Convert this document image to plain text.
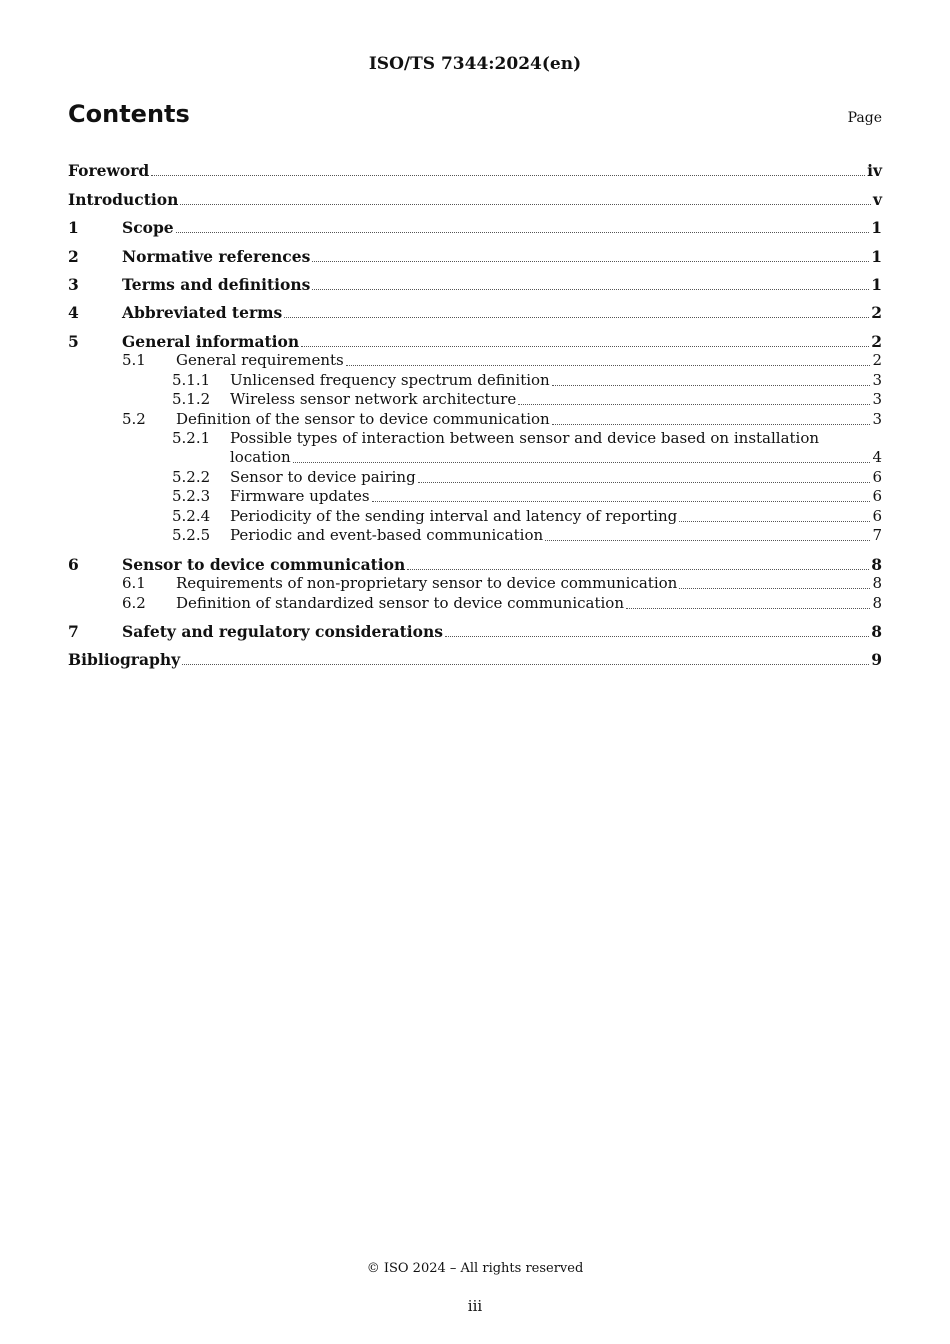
ISO/TS 7344:2024(en)
Contents	Page
Foreword	iv
Introduction	v
1	Scope	1
2	Normative references	1
3	Terms and definitions	1
4	Abbreviated terms	2
5	General information	2
5.1	General requirements	2
5.1.1	Unlicensed frequency spectrum definition	3
5.1.2	Wireless sensor network architecture	3
5.2	Definition of the sensor to device communication	3
5.2.1	Possible types of interaction between sensor and device based on installation
location	4
5.2.2	Sensor to device pairing	6
5.2.3	Firmware updates	6
5.2.4	Periodicity of the sending interval and latency of reporting	6
5.2.5	Periodic and event-based communication	7
6	Sensor to device communication	8
6.1	Requirements of non-proprietary sensor to device communication	8
6.2	Definition of standardized sensor to device communication	8
7	Safety and regulatory considerations	8
Bibliography	9
© ISO 2024 – All rights reserved
iii
